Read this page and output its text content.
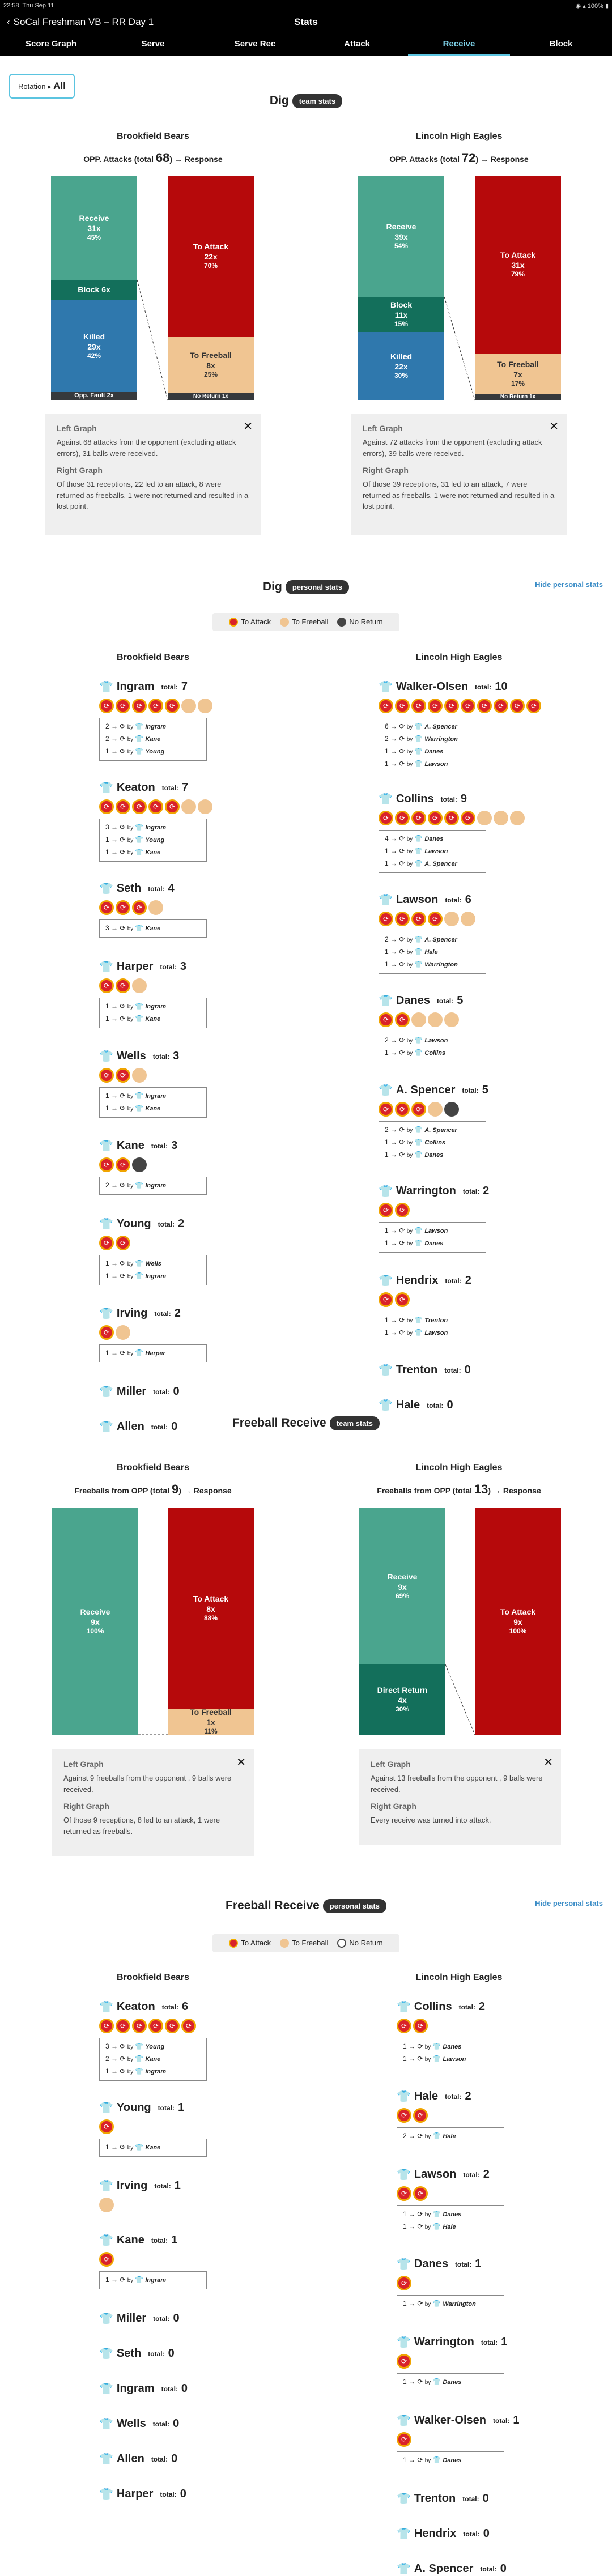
22:58 Thu Sep 11	◉ ▴ 100% ▮
‹ SoCal Freshman VB – RR Day 1	Stats
Score Graph	Serve	Serve Rec	Attack	Receive	Block
Rotation ▸ All
Dig team stats
Brookfield Bears	Lincoln High Eagles
OPP. Attacks (total 68) → Response	OPP. Attacks (total 72) → Response
Receive
31x
45%
Block 6x
Killed
29x
42%
Opp. Fault 2x
To Attack
22x
70%
To Freeball
8x
25%
No Return 1x
Receive
39x
54%
Block
11x
15%
Killed
22x
30%
To Attack
31x
79%
To Freeball
7x
17%
No Return 1x
✕
Left Graph
Against 68 attacks from the opponent (excluding attack errors), 31 balls were received.
Right Graph
Of those 31 receptions, 22 led to an attack, 8 were returned as freeballs, 1 were not returned and resulted in a lost point.
✕
Left Graph
Against 72 attacks from the opponent (excluding attack errors), 39 balls were received.
Right Graph
Of those 39 receptions, 31 led to an attack, 7 were returned as freeballs, 1 were not returned and resulted in a lost point.
Dig personal stats	Hide personal stats
To Attack	To Freeball	No Return
Brookfield Bears	Lincoln High Eagles
👕 Ingram total: 7
⟳	⟳	⟳	⟳	⟳
2 → ⟳ by 👕 Ingram
2 → ⟳ by 👕 Kane
1 → ⟳ by 👕 Young
👕 Keaton total: 7
⟳	⟳	⟳	⟳	⟳
3 → ⟳ by 👕 Ingram
1 → ⟳ by 👕 Young
1 → ⟳ by 👕 Kane
👕 Seth total: 4
⟳	⟳	⟳
3 → ⟳ by 👕 Kane
👕 Harper total: 3
⟳	⟳
1 → ⟳ by 👕 Ingram
1 → ⟳ by 👕 Kane
👕 Wells total: 3
⟳	⟳
1 → ⟳ by 👕 Ingram
1 → ⟳ by 👕 Kane
👕 Kane total: 3
⟳	⟳
2 → ⟳ by 👕 Ingram
👕 Young total: 2
⟳	⟳
1 → ⟳ by 👕 Wells
1 → ⟳ by 👕 Ingram
👕 Irving total: 2
⟳
1 → ⟳ by 👕 Harper
👕 Miller total: 0
👕 Allen total: 0
👕 Walker-Olsen total: 10
⟳	⟳	⟳	⟳	⟳	⟳	⟳	⟳	⟳	⟳
6 → ⟳ by 👕 A. Spencer
2 → ⟳ by 👕 Warrington
1 → ⟳ by 👕 Danes
1 → ⟳ by 👕 Lawson
👕 Collins total: 9
⟳	⟳	⟳	⟳	⟳	⟳
4 → ⟳ by 👕 Danes
1 → ⟳ by 👕 Lawson
1 → ⟳ by 👕 A. Spencer
👕 Lawson total: 6
⟳	⟳	⟳	⟳
2 → ⟳ by 👕 A. Spencer
1 → ⟳ by 👕 Hale
1 → ⟳ by 👕 Warrington
👕 Danes total: 5
⟳	⟳
2 → ⟳ by 👕 Lawson
1 → ⟳ by 👕 Collins
👕 A. Spencer total: 5
⟳	⟳	⟳
2 → ⟳ by 👕 A. Spencer
1 → ⟳ by 👕 Collins
1 → ⟳ by 👕 Danes
👕 Warrington total: 2
⟳	⟳
1 → ⟳ by 👕 Lawson
1 → ⟳ by 👕 Danes
👕 Hendrix total: 2
⟳	⟳
1 → ⟳ by 👕 Trenton
1 → ⟳ by 👕 Lawson
👕 Trenton total: 0
👕 Hale total: 0
Freeball Receive team stats
Brookfield Bears	Lincoln High Eagles
Freeballs from OPP (total 9) → Response	Freeballs from OPP (total 13) → Response
Receive
9x
100%
To Attack
8x
88%
To Freeball
1x
11%
Receive
9x
69%
Direct Return
4x
30%
To Attack
9x
100%
✕
Left Graph
Against 9 freeballs from the opponent , 9 balls were received.
Right Graph
Of those 9 receptions, 8 led to an attack, 1 were returned as freeballs.
✕
Left Graph
Against 13 freeballs from the opponent , 9 balls were received.
Right Graph
Every receive was turned into attack.
Freeball Receive personal stats	Hide personal stats
To Attack	To Freeball	No Return
Brookfield Bears	Lincoln High Eagles
👕 Keaton total: 6
⟳	⟳	⟳	⟳	⟳	⟳
3 → ⟳ by 👕 Young
2 → ⟳ by 👕 Kane
1 → ⟳ by 👕 Ingram
👕 Young total: 1
⟳
1 → ⟳ by 👕 Kane
👕 Irving total: 1
👕 Kane total: 1
⟳
1 → ⟳ by 👕 Ingram
👕 Miller total: 0
👕 Seth total: 0
👕 Ingram total: 0
👕 Wells total: 0
👕 Allen total: 0
👕 Harper total: 0
👕 Collins total: 2
⟳	⟳
1 → ⟳ by 👕 Danes
1 → ⟳ by 👕 Lawson
👕 Hale total: 2
⟳	⟳
2 → ⟳ by 👕 Hale
👕 Lawson total: 2
⟳	⟳
1 → ⟳ by 👕 Danes
1 → ⟳ by 👕 Hale
👕 Danes total: 1
⟳
1 → ⟳ by 👕 Warrington
👕 Warrington total: 1
⟳
1 → ⟳ by 👕 Danes
👕 Walker-Olsen total: 1
⟳
1 → ⟳ by 👕 Danes
👕 Trenton total: 0
👕 Hendrix total: 0
👕 A. Spencer total: 0
